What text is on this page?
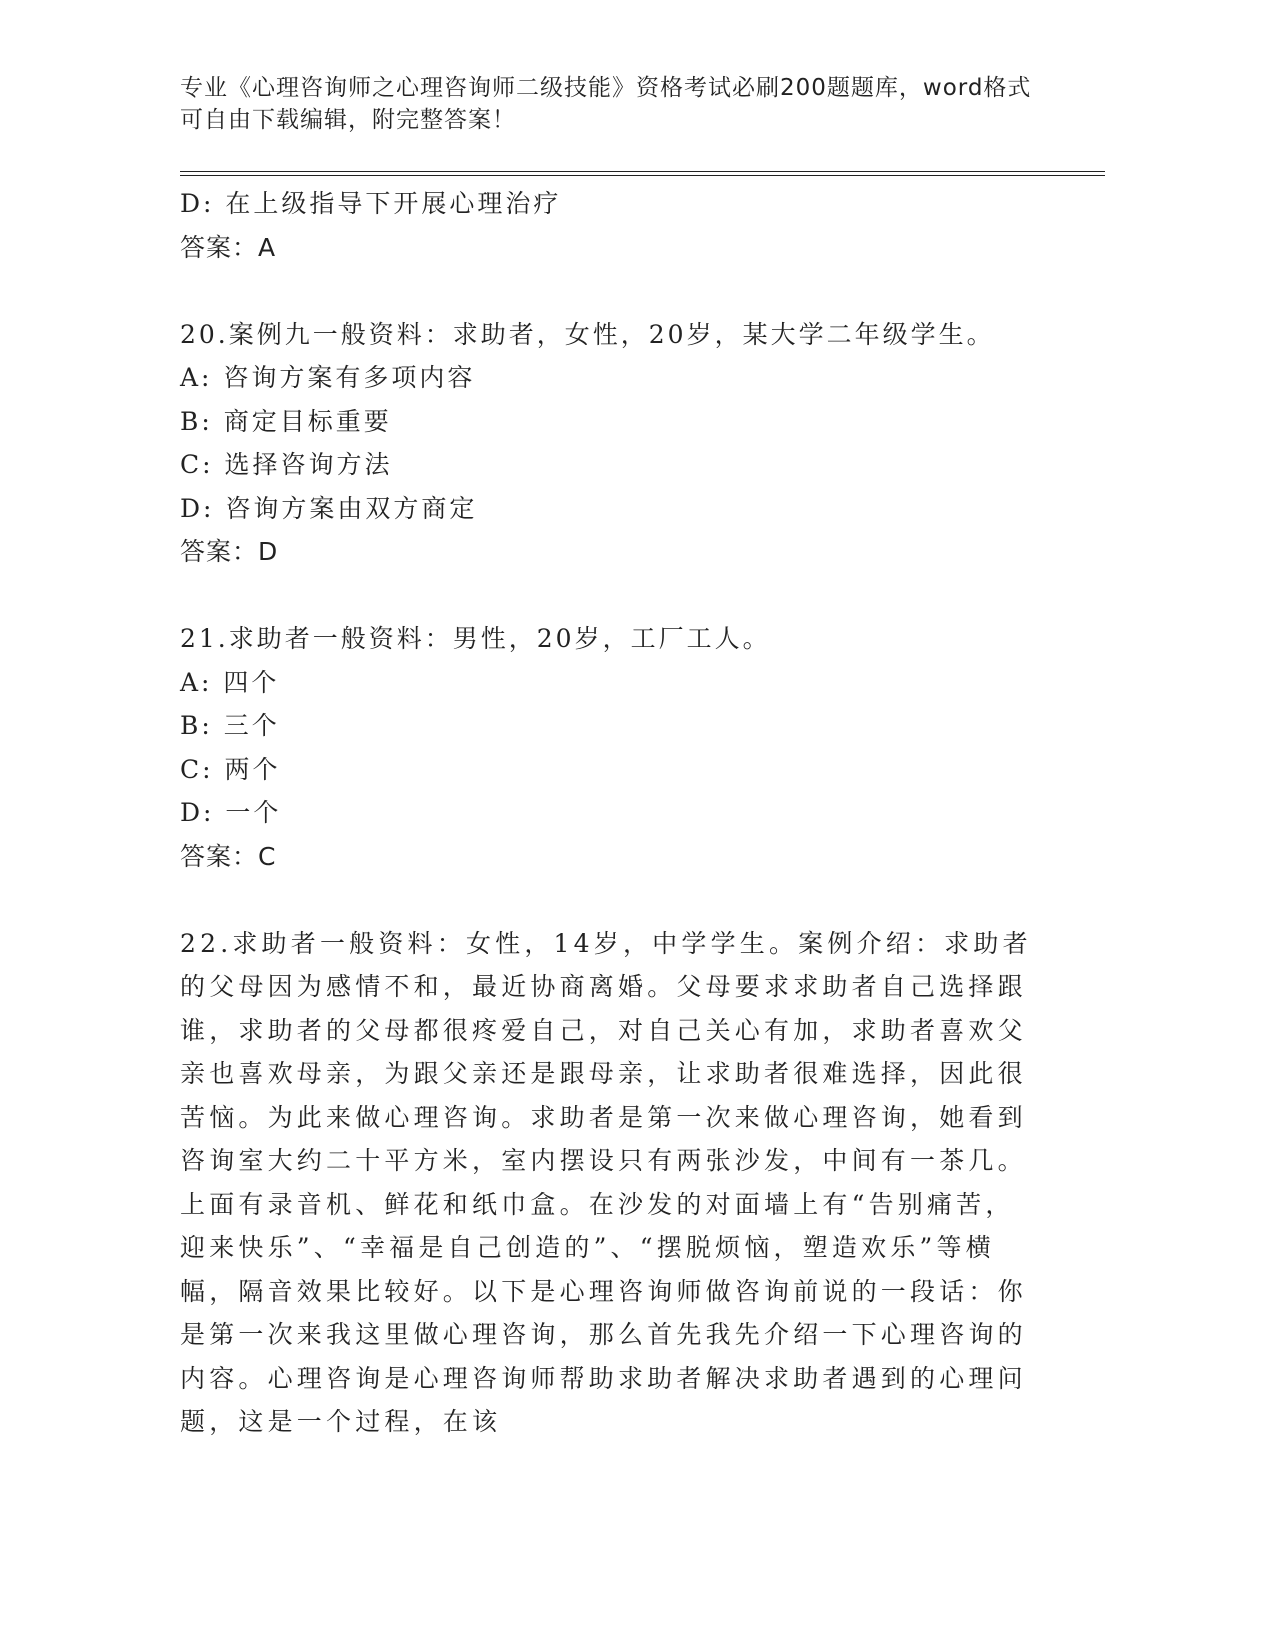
专业《心理咨询师之心理咨询师二级技能》资格考试必刷200题题库，word格式
可自由下载编辑，附完整答案！
D: 在上级指导下开展心理治疗
答案：A
20.案例九一般资料：求助者，女性，20岁，某大学二年级学生。
A: 咨询方案有多项内容
B: 商定目标重要
C: 选择咨询方法
D: 咨询方案由双方商定
答案：D
21.求助者一般资料：男性，20岁，工厂工人。
A: 四个
B: 三个
C: 两个
D: 一个
答案：C
22.求助者一般资料：女性，14岁，中学学生。案例介绍：求助者的父母因为感情不和，最近协商离婚。父母要求求助者自己选择跟谁，求助者的父母都很疼爱自己，对自己关心有加，求助者喜欢父亲也喜欢母亲，为跟父亲还是跟母亲，让求助者很难选择，因此很苦恼。为此来做心理咨询。求助者是第一次来做心理咨询，她看到咨询室大约二十平方米，室内摆设只有两张沙发，中间有一茶几。上面有录音机、鲜花和纸巾盒。在沙发的对面墙上有“告别痛苦，迎来快乐”、“幸福是自己创造的”、“摆脱烦恼，塑造欢乐”等横幅，隔音效果比较好。以下是心理咨询师做咨询前说的一段话：你是第一次来我这里做心理咨询，那么首先我先介绍一下心理咨询的内容。心理咨询是心理咨询师帮助求助者解决求助者遇到的心理问题，这是一个过程，在该
